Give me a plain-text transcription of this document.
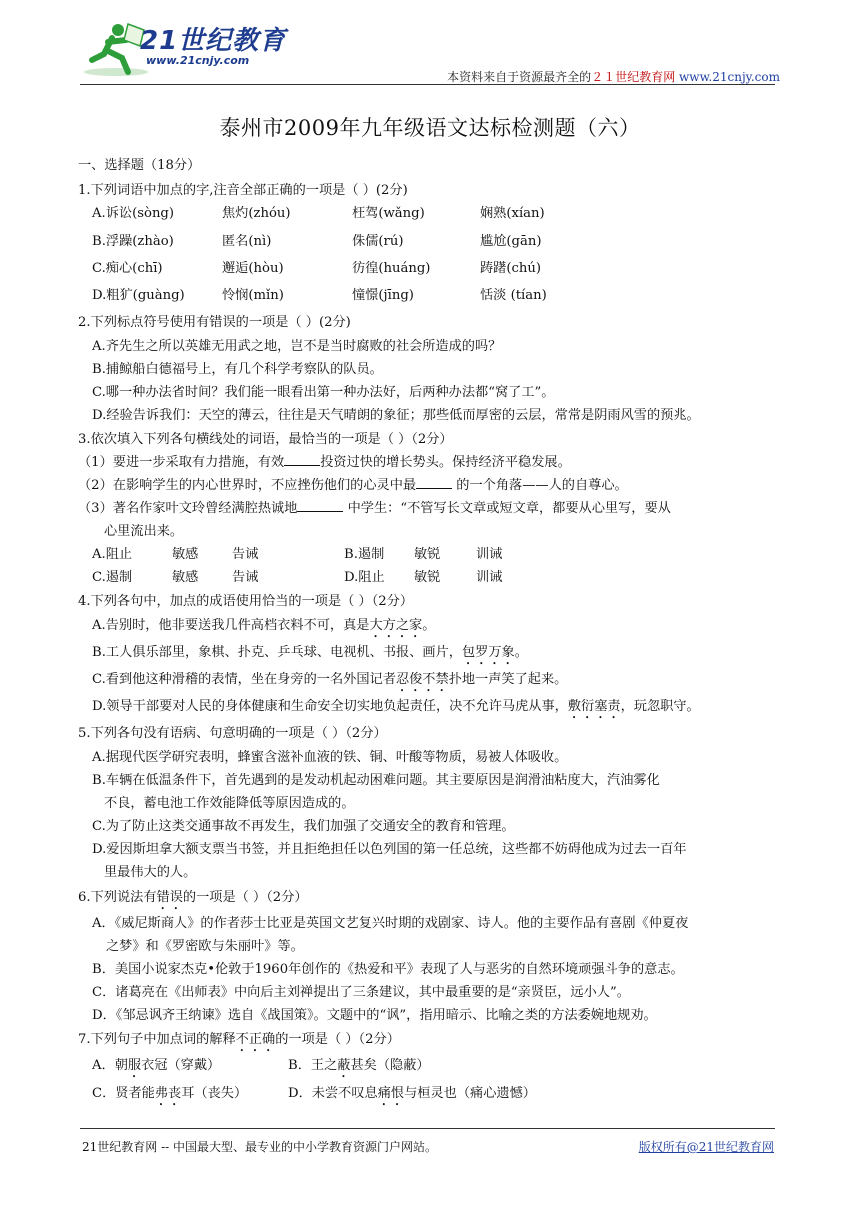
21世纪教育
www.21cnjy.com
本资料来自于资源最齐全的２１世纪教育网 www.21cnjy.com
泰州市2009年九年级语文达标检测题（六）
一、选择题（18分）
1.下列词语中加点的字,注音全部正确的一项是（ ）(2分)
A.诉讼(sòng)	焦灼(zhóu)	枉驾(wǎng)	娴熟(xían)
B.浮躁(zhào)	匿名(nì)	侏儒(rú)	尴尬(gān)
C.痴心(chī)	邂逅(hòu)	彷徨(huáng)	踌躇(chú)
D.粗犷(guàng)	怜悯(mǐn)	憧憬(jīng)	恬淡 (tían)
2.下列标点符号使用有错误的一项是（ ）(2分)
A.齐先生之所以英雄无用武之地，岂不是当时腐败的社会所造成的吗？
B.捕鲸船白德福号上，有几个科学考察队的队员。
C.哪一种办法省时间？我们能一眼看出第一种办法好，后两种办法都“窝了工”。
D.经验告诉我们：天空的薄云，往往是天气晴朗的象征；那些低而厚密的云层，常常是阴雨风雪的预兆。
3.依次填入下列各句横线处的词语，最恰当的一项是（ ）（2分）
（1）要进一步采取有力措施，有效	投资过快的增长势头。保持经济平稳发展。
（2）在影响学生的内心世界时，不应挫伤他们的心灵中最	的一个角落——人的自尊心。
（3）著名作家叶文玲曾经满腔热诚地	中学生：“不管写长文章或短文章，都要从心里写，要从
心里流出来。
A.阻止	敏感	告诫	B.遏制 敏锐	训诫
C.遏制	敏感	告诫	D.阻止 敏锐	训诫
4.下列各句中，加点的成语使用恰当的一项是（ ）（2分）
A.告别时，他非要送我几件高档衣料不可，真是大方之家。
B.工人俱乐部里，象棋、扑克、乒乓球、电视机、书报、画片，包罗万象。
C.看到他这种滑稽的表情，坐在身旁的一名外国记者忍俊不禁扑地一声笑了起来。
D.领导干部要对人民的身体健康和生命安全切实地负起责任，决不允许马虎从事，敷衍塞责，玩忽职守。
5.下列各句没有语病、句意明确的一项是（ ）（2分）
A.据现代医学研究表明，蜂蜜含滋补血液的铁、铜、叶酸等物质，易被人体吸收。
B.车辆在低温条件下，首先遇到的是发动机起动困难问题。其主要原因是润滑油粘度大，汽油雾化
不良，蓄电池工作效能降低等原因造成的。
C.为了防止这类交通事故不再发生，我们加强了交通安全的教育和管理。
D.爱因斯坦拿大额支票当书签，并且拒绝担任以色列国的第一任总统，这些都不妨碍他成为过去一百年
里最伟大的人。
6.下列说法有错误的一项是（ ）（2分）
A．《威尼斯商人》的作者莎士比亚是英国文艺复兴时期的戏剧家、诗人。他的主要作品有喜剧《仲夏夜
之梦》和《罗密欧与朱丽叶》等。
B．美国小说家杰克•伦敦于1960年创作的《热爱和平》表现了人与恶劣的自然环境顽强斗争的意志。
C．诸葛亮在《出师表》中向后主刘禅提出了三条建议，其中最重要的是“亲贤臣，远小人”。
D．《邹忌讽齐王纳谏》选自《战国策》。文题中的“讽”，指用暗示、比喻之类的方法委婉地规劝。
7.下列句子中加点词的解释不正确的一项是（ ）（2分）
A．朝服衣冠（穿戴）	B．王之蔽甚矣（隐蔽）
C．贤者能弗丧耳（丧失）	D．未尝不叹息痛恨与桓灵也（痛心遗憾）
21世纪教育网 -- 中国最大型、最专业的中小学教育资源门户网站。	版权所有@21世纪教育网
